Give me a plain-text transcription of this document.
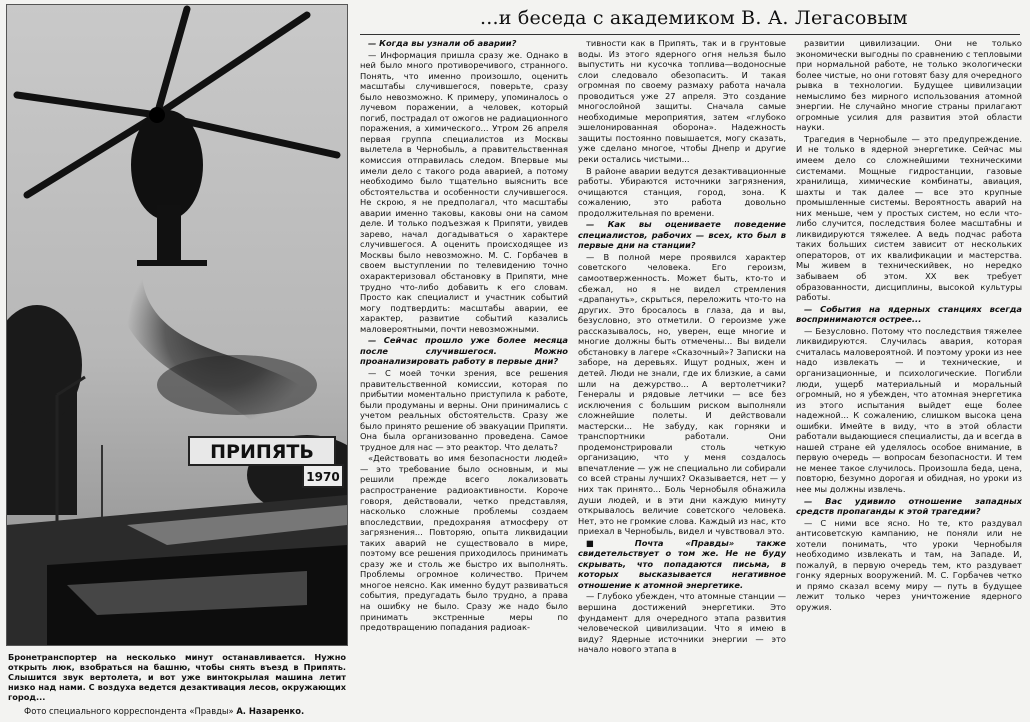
ПРИПЯТЬ
1970
Бронетранспортер на несколько минут останавливается. Нужно открыть люк, взобраться на башню, чтобы снять въезд в Припять. Слышится звук вертолета, и вот уже винтокрылая машина летит низко над нами. С воздуха ведется дезактивация лесов, окружающих город...
Фото специального корреспондента «Правды» А. Назаренко.
...и беседа с академиком В. А. Легасовым

— Когда вы узнали об аварии?

— Информация пришла сразу же. Однако в ней было много противоречивого, странного. Понять, что именно произошло, оценить масштабы случившегося, поверьте, сразу было невозможно. К примеру, упоминалось о лучевом поражении, а человек, который погиб, пострадал от ожогов не радиационного поражения, а химического... Утром 26 апреля первая группа специалистов из Москвы вылетела в Чернобыль, а правительственная комиссия отправилась следом. Впервые мы имели дело с такого рода аварией, а потому необходимо было тщательно выяснить все обстоятельства и особенности случившегося. Не скрою, я не предполагал, что масштабы аварии именно таковы, каковы они на самом деле. И только подъезжая к Припяти, увидев зарево, начал догадываться о характере случившегося. А оценить происходящее из Москвы было невозможно. М. С. Горбачев в своем выступлении по телевидению точно охарактеризовал обстановку в Припяти, мне трудно что-либо добавить к его словам. Просто как специалист и участник событий могу подтвердить: масштабы аварии, ее характер, развитие событий казались маловероятными, почти невозможными.

— Сейчас прошло уже более месяца после случившегося. Можно проанализировать работу в первые дни?

— С моей точки зрения, все решения правительственной комиссии, которая по прибытии моментально приступила к работе, были продуманы и верны. Они принимались с учетом реальных обстоятельств. Сразу же было принято решение об эвакуации Припяти. Она была организованно проведена. Самое трудное для нас — это реактор. Что делать?

«Действовать во имя безопасности людей» — это требование было основным, и мы решили прежде всего локализовать распространение радиоактивности. Короче говоря, действовали, четко представляя, насколько сложные проблемы создаем впоследствии, предохраняя атмосферу от загрязнения... Повторяю, опыта ликвидации таких аварий не существовало в мире, поэтому все решения приходилось принимать сразу же и столь же быстро их выполнять. Проблемы огромное количество. Причем многое неясно. Как именно будут развиваться события, предугадать было трудно, а права на ошибку не было. Сразу же надо было принимать экстренные меры по предотвращению попадания радиоак-

тивности как в Припять, так и в грунтовые воды. Из этого ядерного огня нельзя было выпустить ни кусочка топлива—водоносные слои следовало обезопасить. И такая огромная по своему размаху работа начала проводиться уже 27 апреля. Это создание многослойной защиты. Сначала самые необходимые мероприятия, затем «глубоко эшелонированная оборона». Надежность защиты постоянно повышается, могу сказать, уже сделано многое, чтобы Днепр и другие реки остались чистыми...

В районе аварии ведутся дезактивационные работы. Убираются источники загрязнения, очищаются станция, город, зона. К сожалению, это работа довольно продолжительная по времени.

— Как вы оцениваете поведение специалистов, рабочих — всех, кто был в первые дни на станции?

— В полной мере проявился характер советского человека. Его героизм, самоотверженность. Может быть, кто-то и сбежал, но я не видел стремления «драпануть», скрыться, переложить что-то на других. Это бросалось в глаза, да и вы, безусловно, это отметили. О героизме уже рассказывалось, но, уверен, еще многие и многие должны быть отмечены... Вы видели обстановку в лагере «Сказочный»? Записки на заборе, на деревьях. Ищут родных, жен и детей. Люди не знали, где их близкие, а сами шли на дежурство... А вертолетчики? Генералы и рядовые летчики — все без исключения с большим риском выполняли сложнейшие полеты. И действовали мастерски... Не забуду, как горняки и транспортники работали. Они продемонстрировали столь четкую организацию, что у меня создалось впечатление — уж не специально ли собирали со всей страны лучших? Оказывается, нет — у них так принято... Боль Чернобыля обнажила души людей, и в эти дни каждую минуту открывалось величие советского человека. Нет, это не громкие слова. Каждый из нас, кто приехал в Чернобыль, видел и чувствовал это.

■ Почта «Правды» также свидетельствует о том же. Не не буду скрывать, что попадаются письма, в которых высказывается негативное отношение к атомной энергетике.

— Глубоко убежден, что атомные станции — вершина достижений энергетики. Это фундамент для очередного этапа развития человеческой цивилизации. Что я имею в виду? Ядерные источники энергии — это начало нового этапа в

развитии цивилизации. Они не только экономически выгодны по сравнению с тепловыми при нормальной работе, не только экологически более чистые, но они готовят базу для очередного рывка в технологии. Будущее цивилизации немыслимо без мирного использования атомной энергии. Не случайно многие страны прилагают огромные усилия для развития этой области науки.

Трагедия в Чернобыле — это предупреждение. И не только в ядерной энергетике. Сейчас мы имеем дело со сложнейшими техническими системами. Мощные гидростанции, газовые хранилища, химические комбинаты, авиация, шахты и так далее — все это крупные промышленные системы. Вероятность аварий на них меньше, чем у простых систем, но если что-либо случится, последствия более масштабны и ликвидируются тяжелее. А ведь подчас работа таких больших систем зависит от нескольких операторов, от их квалификации и мастерства. Мы живем в техническийвек, но нередко забываем об этом. XX век требует образованности, дисциплины, высокой культуры работы.

— События на ядерных станциях всегда воспринимаются острее...

— Безусловно. Потому что последствия тяжелее ликвидируются. Случилась авария, которая считалась маловероятной. И поэтому уроки из нее надо извлекать — и технические, и организационные, и психологические. Погибли люди, ущерб материальный и моральный огромный, но я убежден, что атомная энергетика из этого испытания выйдет еще более надежной... К сожалению, слишком высока цена ошибки. Имейте в виду, что в этой области работали выдающиеся специалисты, да и всегда в нашей стране ей уделялось особое внимание, в первую очередь — вопросам безопасности. И тем не менее такое случилось. Произошла беда, цена, повторю, безумно дорогая и обидная, но уроки из нее мы должны извлечь.

— Вас удивило отношение западных средств пропаганды к этой трагедии?

— С ними все ясно. Но те, кто раздувал антисоветскую кампанию, не поняли или не хотели понимать, что уроки Чернобыля необходимо извлекать и там, на Западе. И, пожалуй, в первую очередь тем, кто раздувает гонку ядерных вооружений. М. С. Горбачев четко и прямо сказал всему миру — путь в будущее лежит только через уничтожение ядерного оружия.
